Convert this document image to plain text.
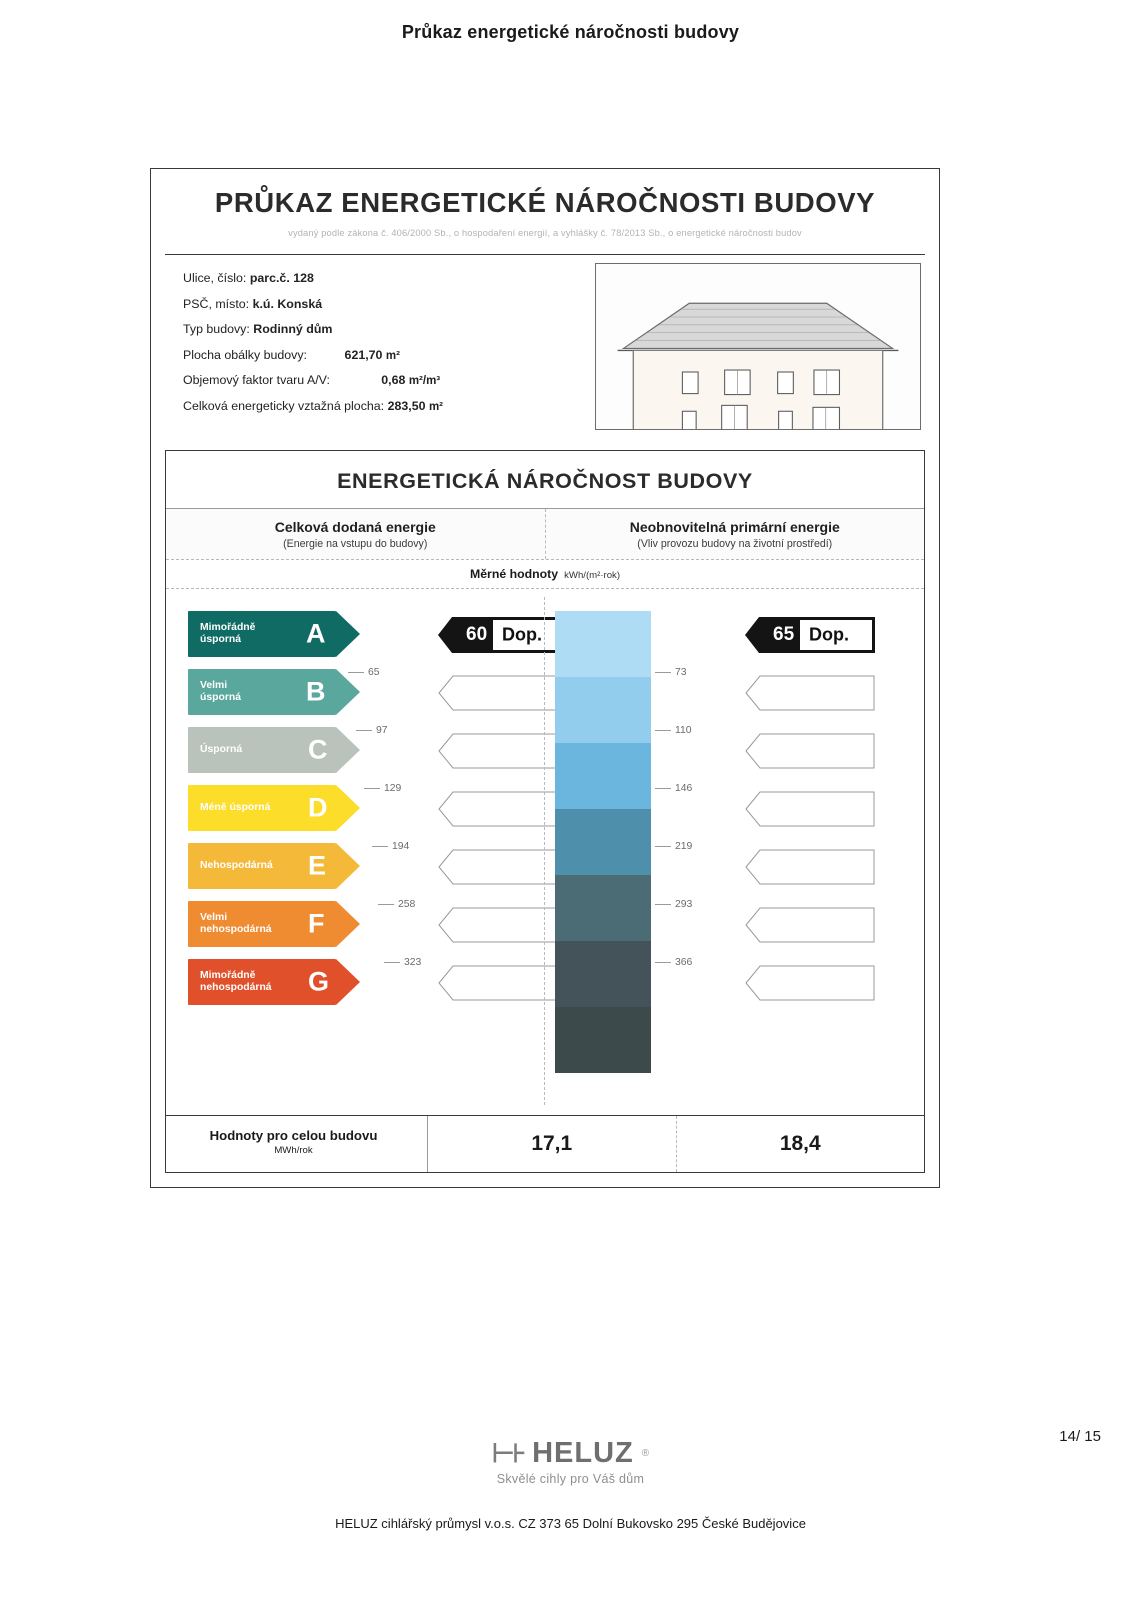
Průkaz energetické náročnosti budovy
PRŮKAZ ENERGETICKÉ NÁROČNOSTI BUDOVY
vydaný podle zákona č. 406/2000 Sb., o hospodaření energií, a vyhlášky č. 78/2013 Sb., o energetické náročnosti budov
Ulice, číslo: parc.č. 128
PSČ, místo: k.ú. Konská
Typ budovy: Rodinný dům
Plocha obálky budovy:	621,70 m²
Objemový faktor tvaru A/V:	0,68 m²/m³
Celková energeticky vztažná plocha: 283,50 m²
ENERGETICKÁ NÁROČNOST BUDOVY
Celková dodaná energie
(Energie na vstupu do budovy)
Neobnovitelná primární energie
(Vliv provozu budovy na životní prostředí)
Měrné hodnoty kWh/(m²·rok)
Mimořádně
úsporná	A
Velmi
úsporná B
Úsporná C
Méně úsporná D
Nehospodárná E
Velmi
nehospodárná F
Mimořádně
nehospodárná G
65
97
129
194
258
323
60 Dop.
73
110
146
219
293
366
65 Dop.
Hodnoty pro celou budovu
MWh/rok	17,1	18,4
14/ 15
⊢⊦ HELUZ ®
Skvělé cihly pro Váš dům
HELUZ cihlářský průmysl v.o.s. CZ 373 65 Dolní Bukovsko 295 České Budějovice
